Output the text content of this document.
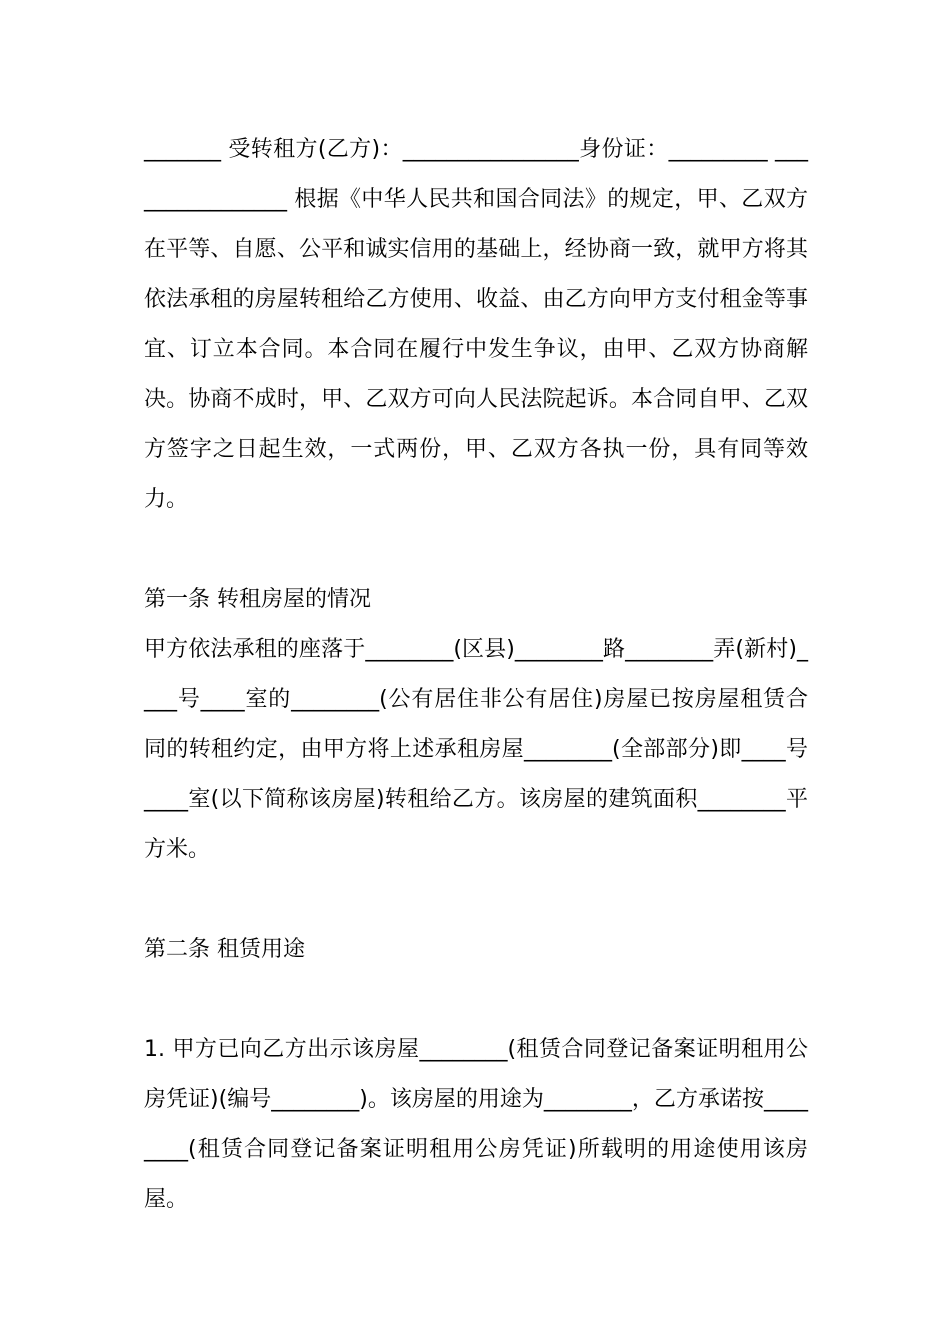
_______ 受转租方(乙方)：________________身份证：_________ ________________ 根据《中华人民共和国合同法》的规定，甲、乙双方在平等、自愿、公平和诚实信用的基础上，经协商一致，就甲方将其依法承租的房屋转租给乙方使用、收益、由乙方向甲方支付租金等事宜、订立本合同。本合同在履行中发生争议，由甲、乙双方协商解决。协商不成时，甲、乙双方可向人民法院起诉。本合同自甲、乙双方签字之日起生效，一式两份，甲、乙双方各执一份，具有同等效力。

第一条 转租房屋的情况

甲方依法承租的座落于________(区县)________路________弄(新村)____号____室的________(公有居住非公有居住)房屋已按房屋租赁合同的转租约定，由甲方将上述承租房屋________(全部部分)即____号____室(以下简称该房屋)转租给乙方。该房屋的建筑面积________平方米。

第二条 租赁用途

1. 甲方已向乙方出示该房屋________(租赁合同登记备案证明租用公房凭证)(编号________)。该房屋的用途为________，乙方承诺按________(租赁合同登记备案证明租用公房凭证)所载明的用途使用该房屋。
